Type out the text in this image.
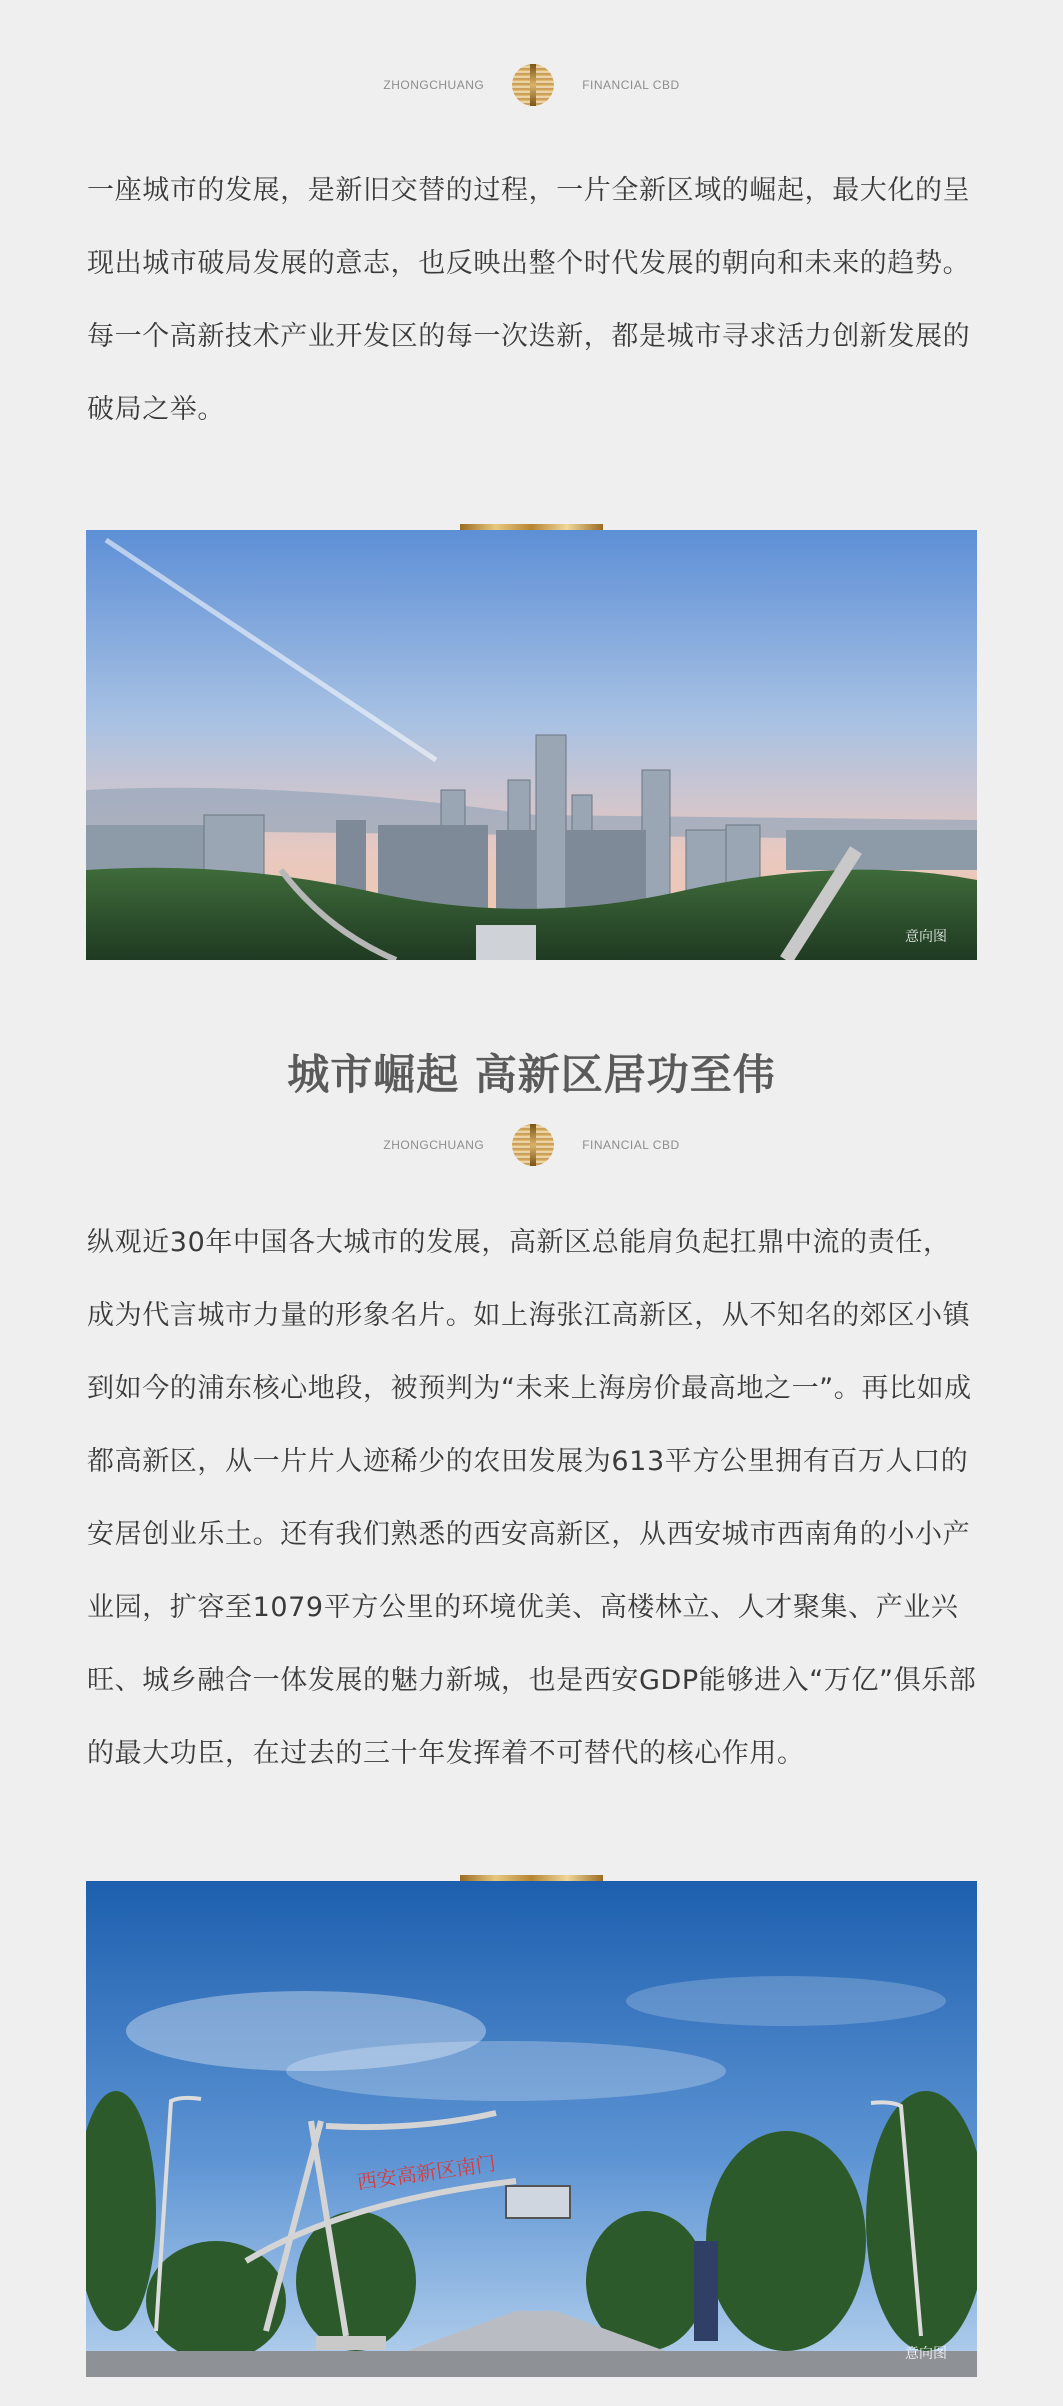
ZHONGCHUANG	FINANCIAL CBD

一座城市的发展，是新旧交替的过程，一片全新区域的崛起，最大化的呈现出城市破局发展的意志，也反映出整个时代发展的朝向和未来的趋势。每一个高新技术产业开发区的每一次迭新，都是城市寻求活力创新发展的破局之举。

意向图
城市崛起 高新区居功至伟
ZHONGCHUANG	FINANCIAL CBD

纵观近30年中国各大城市的发展，高新区总能肩负起扛鼎中流的责任，成为代言城市力量的形象名片。如上海张江高新区，从不知名的郊区小镇到如今的浦东核心地段，被预判为“未来上海房价最高地之一”。再比如成都高新区，从一片片人迹稀少的农田发展为613平方公里拥有百万人口的安居创业乐土。还有我们熟悉的西安高新区，从西安城市西南角的小小产业园，扩容至1079平方公里的环境优美、高楼林立、人才聚集、产业兴旺、城乡融合一体发展的魅力新城，也是西安GDP能够进入“万亿”俱乐部的最大功臣，在过去的三十年发挥着不可替代的核心作用。

西安高新区南门
意向图
